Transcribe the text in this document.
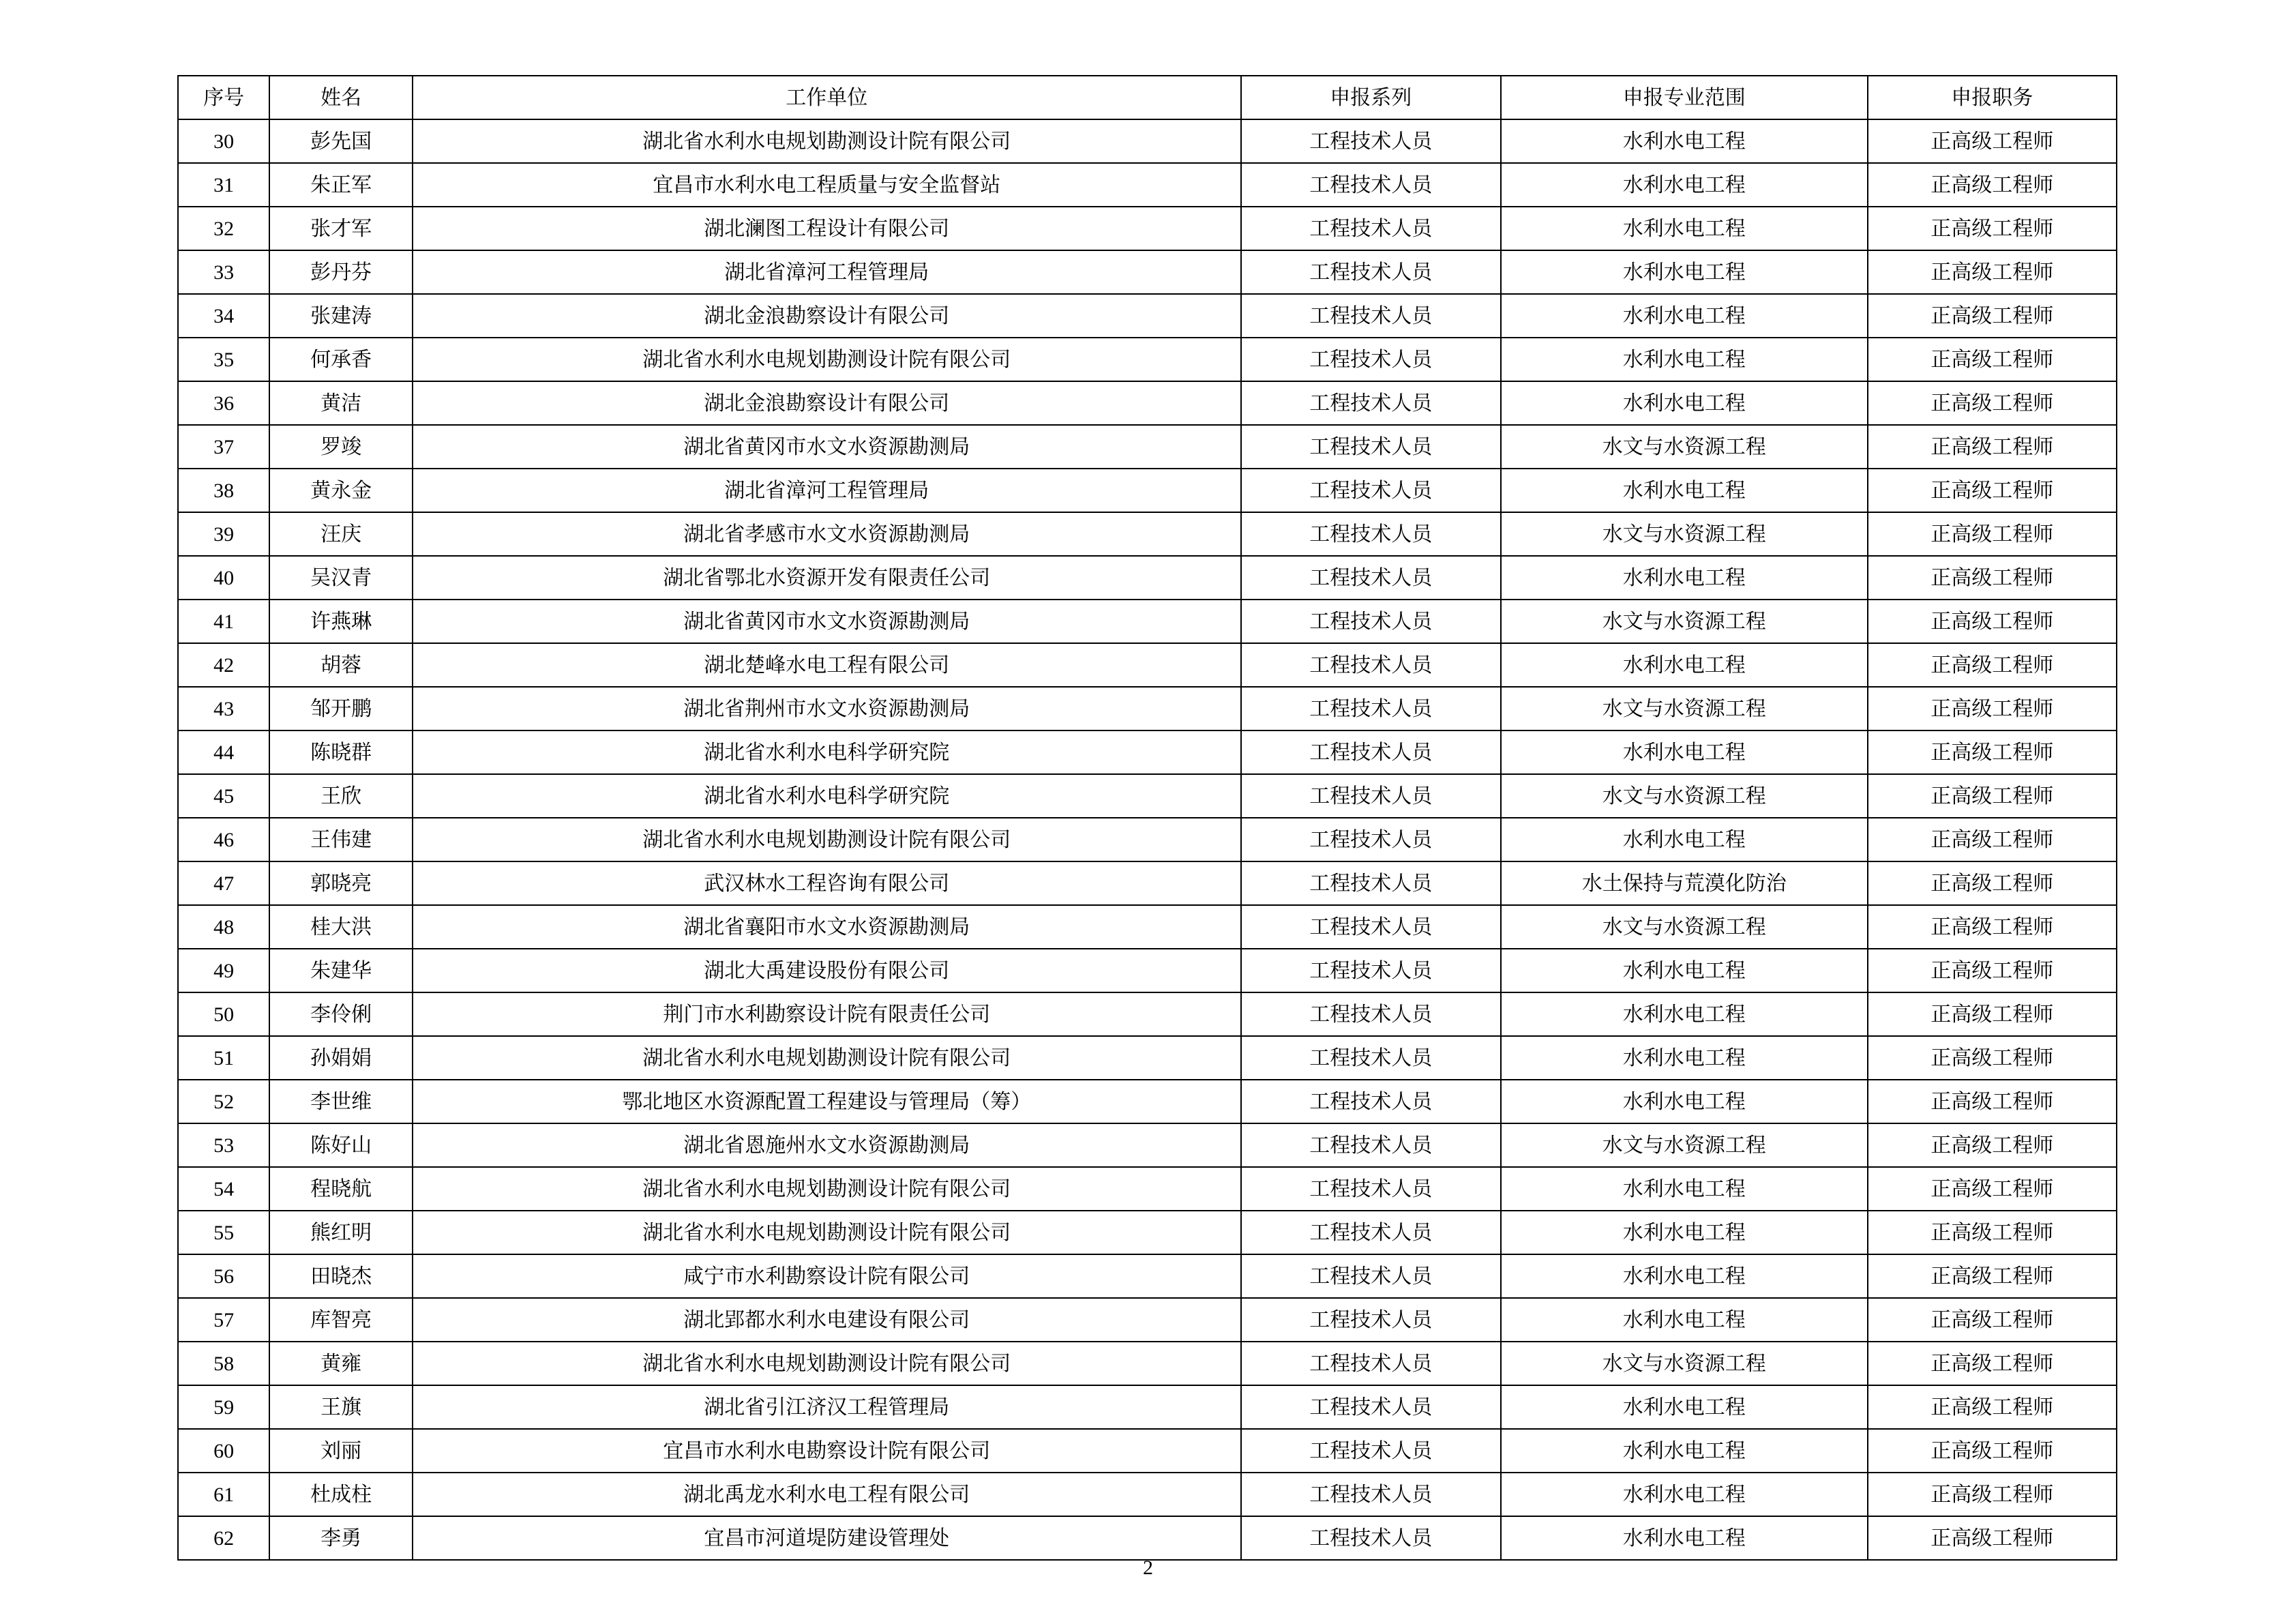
序号	姓名	工作单位	申报系列	申报专业范围	申报职务
30	彭先国	湖北省水利水电规划勘测设计院有限公司	工程技术人员	水利水电工程	正高级工程师
31	朱正军	宜昌市水利水电工程质量与安全监督站	工程技术人员	水利水电工程	正高级工程师
32	张才军	湖北澜图工程设计有限公司	工程技术人员	水利水电工程	正高级工程师
33	彭丹芬	湖北省漳河工程管理局	工程技术人员	水利水电工程	正高级工程师
34	张建涛	湖北金浪勘察设计有限公司	工程技术人员	水利水电工程	正高级工程师
35	何承香	湖北省水利水电规划勘测设计院有限公司	工程技术人员	水利水电工程	正高级工程师
36	黄洁	湖北金浪勘察设计有限公司	工程技术人员	水利水电工程	正高级工程师
37	罗竣	湖北省黄冈市水文水资源勘测局	工程技术人员	水文与水资源工程	正高级工程师
38	黄永金	湖北省漳河工程管理局	工程技术人员	水利水电工程	正高级工程师
39	汪庆	湖北省孝感市水文水资源勘测局	工程技术人员	水文与水资源工程	正高级工程师
40	吴汉青	湖北省鄂北水资源开发有限责任公司	工程技术人员	水利水电工程	正高级工程师
41	许燕琳	湖北省黄冈市水文水资源勘测局	工程技术人员	水文与水资源工程	正高级工程师
42	胡蓉	湖北楚峰水电工程有限公司	工程技术人员	水利水电工程	正高级工程师
43	邹开鹏	湖北省荆州市水文水资源勘测局	工程技术人员	水文与水资源工程	正高级工程师
44	陈晓群	湖北省水利水电科学研究院	工程技术人员	水利水电工程	正高级工程师
45	王欣	湖北省水利水电科学研究院	工程技术人员	水文与水资源工程	正高级工程师
46	王伟建	湖北省水利水电规划勘测设计院有限公司	工程技术人员	水利水电工程	正高级工程师
47	郭晓亮	武汉林水工程咨询有限公司	工程技术人员	水土保持与荒漠化防治	正高级工程师
48	桂大洪	湖北省襄阳市水文水资源勘测局	工程技术人员	水文与水资源工程	正高级工程师
49	朱建华	湖北大禹建设股份有限公司	工程技术人员	水利水电工程	正高级工程师
50	李伶俐	荆门市水利勘察设计院有限责任公司	工程技术人员	水利水电工程	正高级工程师
51	孙娟娟	湖北省水利水电规划勘测设计院有限公司	工程技术人员	水利水电工程	正高级工程师
52	李世维	鄂北地区水资源配置工程建设与管理局（筹）	工程技术人员	水利水电工程	正高级工程师
53	陈好山	湖北省恩施州水文水资源勘测局	工程技术人员	水文与水资源工程	正高级工程师
54	程晓航	湖北省水利水电规划勘测设计院有限公司	工程技术人员	水利水电工程	正高级工程师
55	熊红明	湖北省水利水电规划勘测设计院有限公司	工程技术人员	水利水电工程	正高级工程师
56	田晓杰	咸宁市水利勘察设计院有限公司	工程技术人员	水利水电工程	正高级工程师
57	库智亮	湖北郢都水利水电建设有限公司	工程技术人员	水利水电工程	正高级工程师
58	黄雍	湖北省水利水电规划勘测设计院有限公司	工程技术人员	水文与水资源工程	正高级工程师
59	王旗	湖北省引江济汉工程管理局	工程技术人员	水利水电工程	正高级工程师
60	刘丽	宜昌市水利水电勘察设计院有限公司	工程技术人员	水利水电工程	正高级工程师
61	杜成柱	湖北禹龙水利水电工程有限公司	工程技术人员	水利水电工程	正高级工程师
62	李勇	宜昌市河道堤防建设管理处	工程技术人员	水利水电工程	正高级工程师
2
